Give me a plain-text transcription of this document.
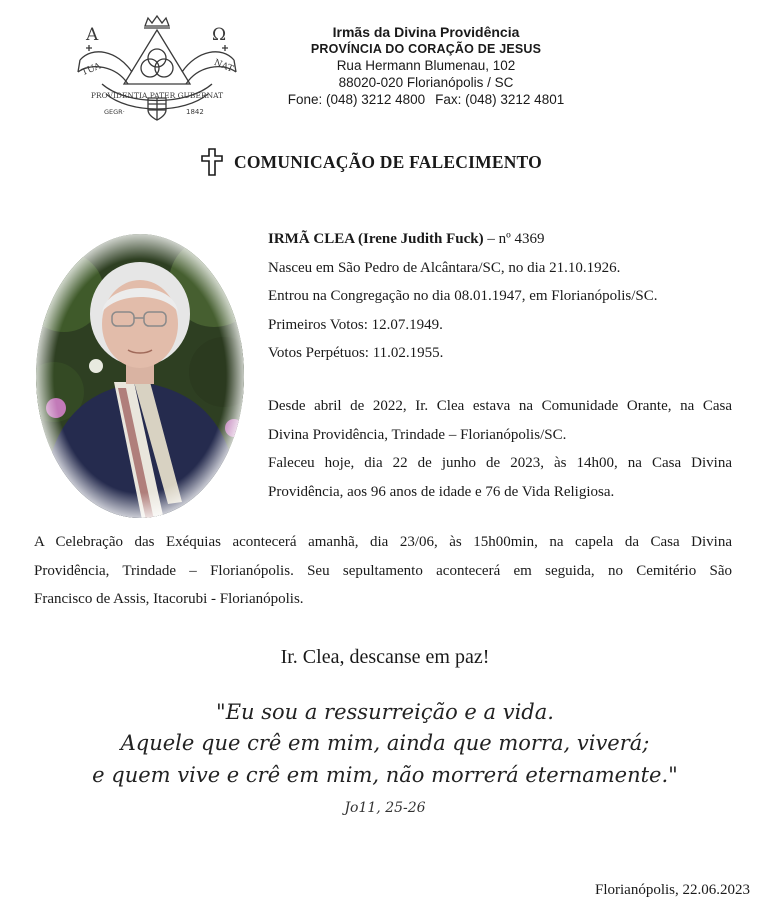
Α	Ω
TUA	NAT
PROVIDENTIA PATER GUBERNAT
GEGR·	1842
Irmãs da Divina Providência
PROVÍNCIA DO CORAÇÃO DE JESUS
Rua Hermann Blumenau, 102
88020-020 Florianópolis / SC
Fone: (048) 3212 4800 Fax: (048) 3212 4801
COMUNICAÇÃO DE FALECIMENTO
IRMÃ CLEA (Irene Judith Fuck) – nº 4369
Nasceu em São Pedro de Alcântara/SC, no dia 21.10.1926.
Entrou na Congregação no dia 08.01.1947, em Florianópolis/SC.
Primeiros Votos: 12.07.1949.
Votos Perpétuos: 11.02.1955.
Desde abril de 2022, Ir. Clea estava na Comunidade Orante, na Casa
Divina Providência, Trindade – Florianópolis/SC.
Faleceu hoje, dia 22 de junho de 2023, às 14h00, na Casa Divina
Providência, aos 96 anos de idade e 76 de Vida Religiosa.
A Celebração das Exéquias acontecerá amanhã, dia 23/06, às 15h00min, na capela da Casa Divina
Providência, Trindade – Florianópolis. Seu sepultamento acontecerá em seguida, no Cemitério São
Francisco de Assis, Itacorubi - Florianópolis.
Ir. Clea, descanse em paz!
"Eu sou a ressurreição e a vida.
Aquele que crê em mim, ainda que morra, viverá;
e quem vive e crê em mim, não morrerá eternamente."
Jo11, 25-26
Florianópolis, 22.06.2023
